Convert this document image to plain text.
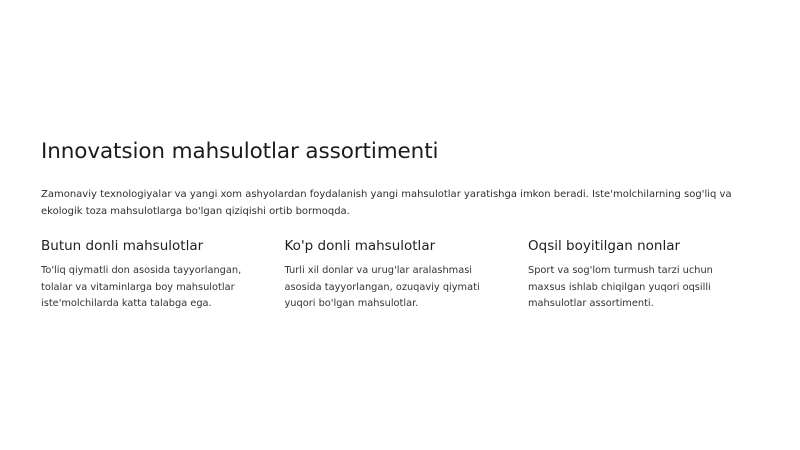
Innovatsion mahsulotlar assortimenti

Zamonaviy texnologiyalar va yangi xom ashyolardan foydalanish yangi mahsulotlar yaratishga imkon beradi. Iste'molchilarning sog'liq va ekologik toza mahsulotlarga bo'lgan qiziqishi ortib bormoqda.

Butun donli mahsulotlar

To'liq qiymatli don asosida tayyorlangan, tolalar va vitaminlarga boy mahsulotlar iste'molchilarda katta talabga ega.

Ko'p donli mahsulotlar

Turli xil donlar va urug'lar aralashmasi asosida tayyorlangan, ozuqaviy qiymati yuqori bo'lgan mahsulotlar.

Oqsil boyitilgan nonlar

Sport va sog'lom turmush tarzi uchun maxsus ishlab chiqilgan yuqori oqsilli mahsulotlar assortimenti.
